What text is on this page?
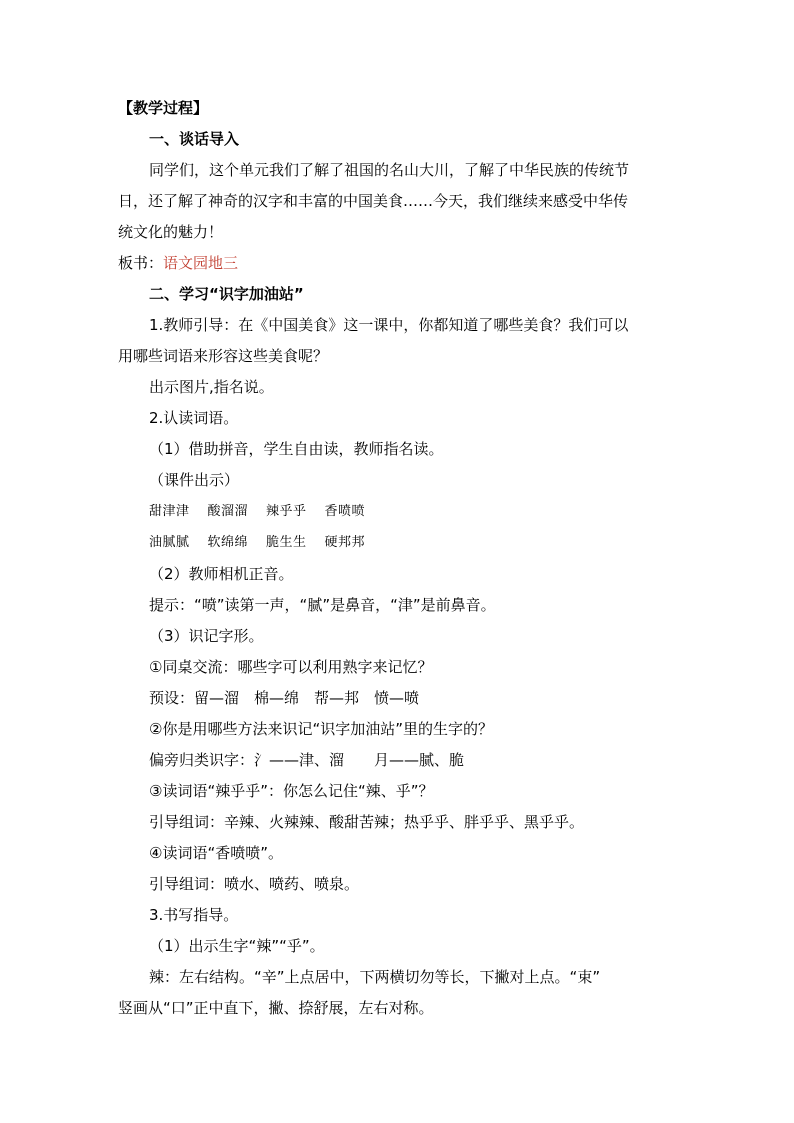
【教学过程】
一、谈话导入
同学们，这个单元我们了解了祖国的名山大川，了解了中华民族的传统节
日，还了解了神奇的汉字和丰富的中国美食……今天，我们继续来感受中华传
统文化的魅力！
板书：语文园地三
二、学习“识字加油站”
1.教师引导：在《中国美食》这一课中，你都知道了哪些美食？我们可以
用哪些词语来形容这些美食呢？
出示图片,指名说。
2.认读词语。
（1）借助拼音，学生自由读，教师指名读。
（课件出示）
甜津津 酸溜溜 辣乎乎 香喷喷
油腻腻 软绵绵 脆生生 硬邦邦
（2）教师相机正音。
提示：“喷”读第一声，“腻”是鼻音，“津”是前鼻音。
（3）识记字形。
①同桌交流：哪些字可以利用熟字来记忆？
预设：留—溜　棉—绵　帮—邦　愤—喷
②你是用哪些方法来识记“识字加油站”里的生字的？
偏旁归类识字：氵——津、溜　　月——腻、脆
③读词语“辣乎乎”：你怎么记住“辣、乎”？
引导组词：辛辣、火辣辣、酸甜苦辣；热乎乎、胖乎乎、黑乎乎。
④读词语“香喷喷”。
引导组词：喷水、喷药、喷泉。
3.书写指导。
（1）出示生字“辣”“乎”。
辣：左右结构。“辛”上点居中，下两横切勿等长，下撇对上点。“束”
竖画从“口”正中直下，撇、捺舒展，左右对称。
